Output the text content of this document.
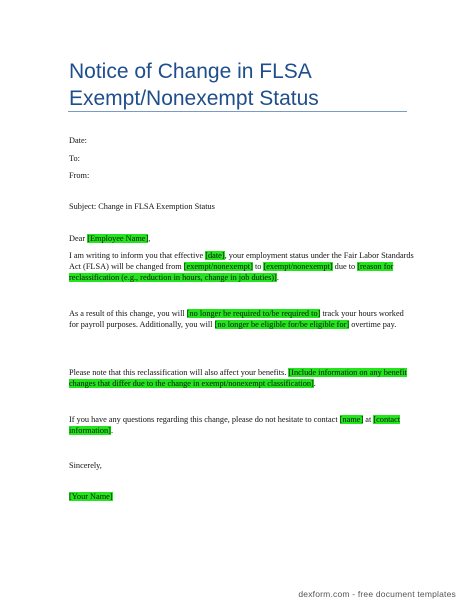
Notice of Change in FLSA
Exempt/Nonexempt Status
Date:
To:
From:
Subject: Change in FLSA Exemption Status
Dear [Employee Name],
I am writing to inform you that effective [date], your employment status under the Fair Labor Standards Act (FLSA) will be changed from [exempt/nonexempt] to [exempt/nonexempt] due to [reason for reclassification (e.g., reduction in hours, change in job duties)].
As a result of this change, you will [no longer be required to/be required to] track your hours worked for payroll purposes. Additionally, you will [no longer be eligible for/be eligible for] overtime pay.
Please note that this reclassification will also affect your benefits. [Include information on any benefit changes that differ due to the change in exempt/nonexempt classification].
If you have any questions regarding this change, please do not hesitate to contact [name] at [contact information].
Sincerely,
[Your Name]
dexform.com - free document templates
